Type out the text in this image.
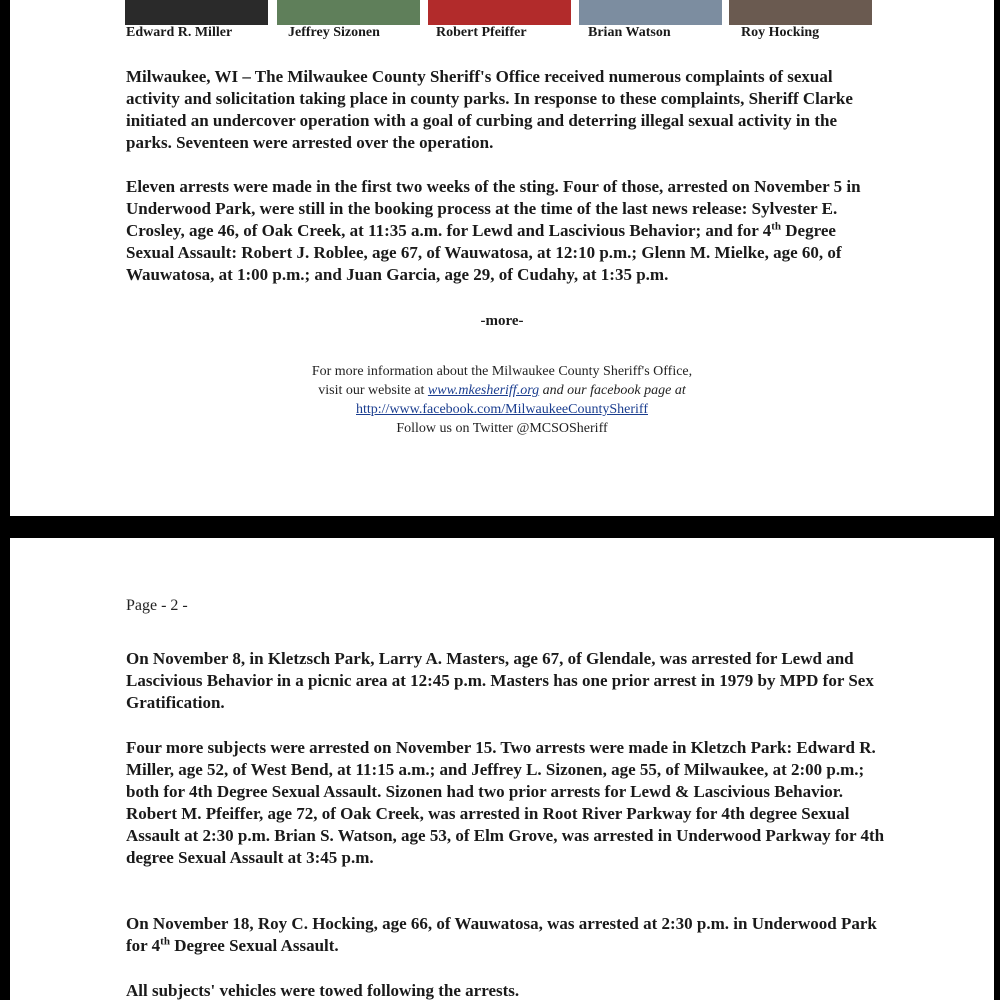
Edward R. Miller	Jeffrey Sizonen	Robert Pfeiffer	Brian Watson	Roy Hocking

Milwaukee, WI – The Milwaukee County Sheriff's Office received numerous complaints of sexual activity and solicitation taking place in county parks. In response to these complaints, Sheriff Clarke initiated an undercover operation with a goal of curbing and deterring illegal sexual activity in the parks. Seventeen were arrested over the operation.

Eleven arrests were made in the first two weeks of the sting. Four of those, arrested on November 5 in Underwood Park, were still in the booking process at the time of the last news release: Sylvester E. Crosley, age 46, of Oak Creek, at 11:35 a.m. for Lewd and Lascivious Behavior; and for 4th Degree Sexual Assault: Robert J. Roblee, age 67, of Wauwatosa, at 12:10 p.m.; Glenn M. Mielke, age 60, of Wauwatosa, at 1:00 p.m.; and Juan Garcia, age 29, of Cudahy, at 1:35 p.m.

-more-
For more information about the Milwaukee County Sheriff's Office,
visit our website at www.mkesheriff.org and our facebook page at
http://www.facebook.com/MilwaukeeCountySheriff
Follow us on Twitter @MCSOSheriff
Page - 2 -

On November 8, in Kletzsch Park, Larry A. Masters, age 67, of Glendale, was arrested for Lewd and Lascivious Behavior in a picnic area at 12:45 p.m. Masters has one prior arrest in 1979 by MPD for Sex Gratification.

Four more subjects were arrested on November 15. Two arrests were made in Kletzch Park: Edward R. Miller, age 52, of West Bend, at 11:15 a.m.; and Jeffrey L. Sizonen, age 55, of Milwaukee, at 2:00 p.m.; both for 4th Degree Sexual Assault. Sizonen had two prior arrests for Lewd & Lascivious Behavior. Robert M. Pfeiffer, age 72, of Oak Creek, was arrested in Root River Parkway for 4th degree Sexual Assault at 2:30 p.m. Brian S. Watson, age 53, of Elm Grove, was arrested in Underwood Parkway for 4th degree Sexual Assault at 3:45 p.m.

On November 18, Roy C. Hocking, age 66, of Wauwatosa, was arrested at 2:30 p.m. in Underwood Park for 4th Degree Sexual Assault.

All subjects' vehicles were towed following the arrests.
